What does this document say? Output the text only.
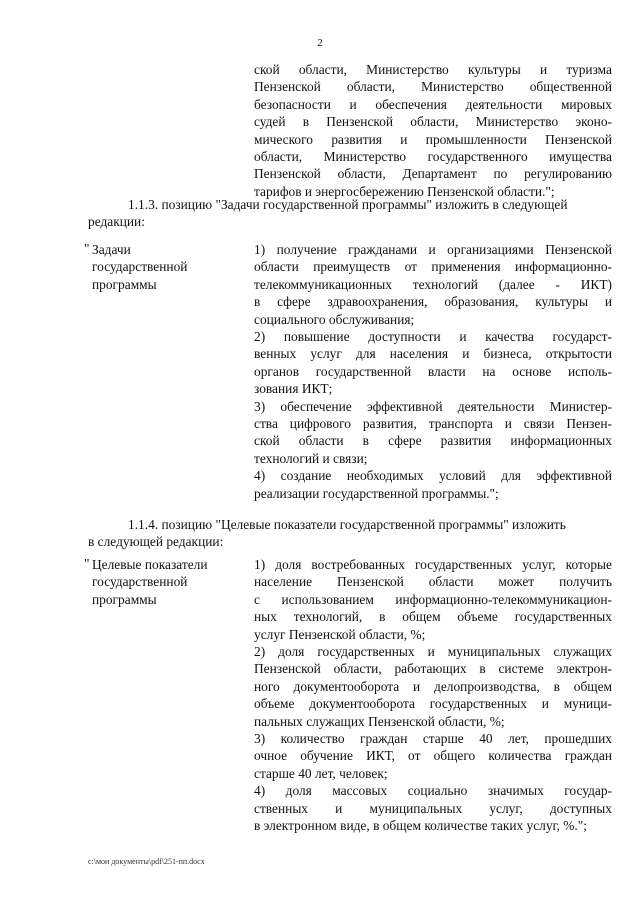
2
ской области, Министерство культуры и туризма
Пензенской области, Министерство общественной
безопасности и обеспечения деятельности мировых
судей в Пензенской области, Министерство эконо-
мического развития и промышленности Пензенской
области, Министерство государственного имущества
Пензенской области, Департамент по регулированию
тарифов и энергосбережению Пензенской области.";
1.1.3. позицию "Задачи государственной программы" изложить в следующей
редакции:
" Задачи
государственной
программы
1) получение гражданами и организациями Пензенской
области преимуществ от применения информационно-
телекоммуникационных технологий (далее - ИКТ)
в сфере здравоохранения, образования, культуры и
социального обслуживания;
2) повышение доступности и качества государст-
венных услуг для населения и бизнеса, открытости
органов государственной власти на основе исполь-
зования ИКТ;
3) обеспечение эффективной деятельности Министер-
ства цифрового развития, транспорта и связи Пензен-
ской области в сфере развития информационных
технологий и связи;
4) создание необходимых условий для эффективной
реализации государственной программы.";
1.1.4. позицию "Целевые показатели государственной программы" изложить
в следующей редакции:
" Целевые показатели
государственной
программы
1) доля востребованных государственных услуг, которые
население Пензенской области может получить
с использованием информационно-телекоммуникацион-
ных технологий, в общем объеме государственных
услуг Пензенской области, %;
2) доля государственных и муниципальных служащих
Пензенской области, работающих в системе электрон-
ного документооборота и делопроизводства, в общем
объеме документооборота государственных и муници-
пальных служащих Пензенской области, %;
3) количество граждан старше 40 лет, прошедших
очное обучение ИКТ, от общего количества граждан
старше 40 лет, человек;
4) доля массовых социально значимых государ-
ственных и муниципальных услуг, доступных
в электронном виде, в общем количестве таких услуг, %.";
c:\мои документы\pdf\251-пп.docx
